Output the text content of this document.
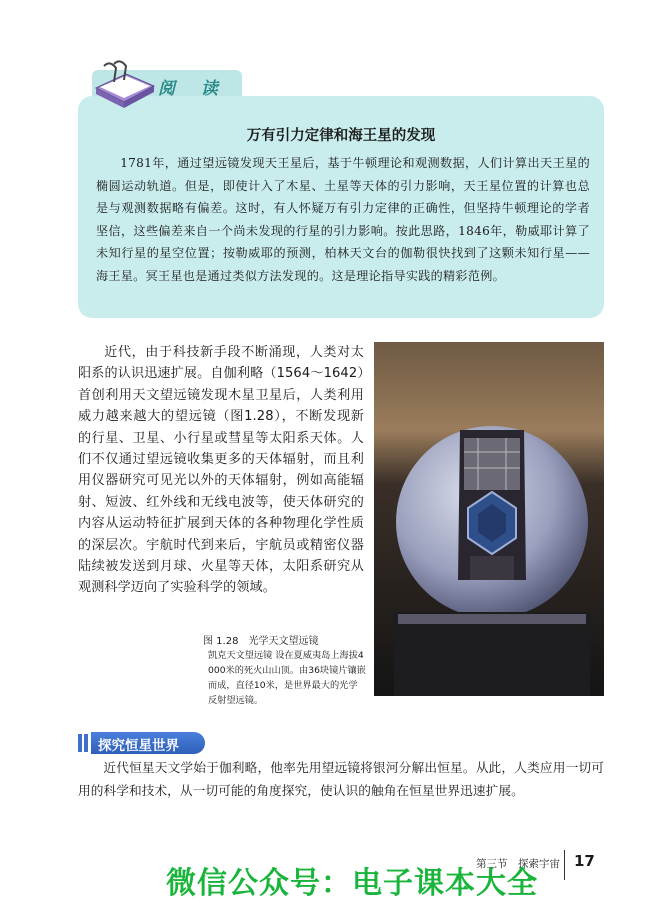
阅 读
万有引力定律和海王星的发现
1781年，通过望远镜发现天王星后，基于牛顿理论和观测数据，人们计算出天王星的椭圆运动轨道。但是，即使计入了木星、土星等天体的引力影响，天王星位置的计算也总是与观测数据略有偏差。这时，有人怀疑万有引力定律的正确性，但坚持牛顿理论的学者坚信，这些偏差来自一个尚未发现的行星的引力影响。按此思路，1846年，勒威耶计算了未知行星的星空位置；按勒威耶的预测，柏林天文台的伽勒很快找到了这颗未知行星——海王星。冥王星也是通过类似方法发现的。这是理论指导实践的精彩范例。
近代，由于科技新手段不断涌现，人类对太阳系的认识迅速扩展。自伽利略（1564～1642）首创利用天文望远镜发现木星卫星后，人类利用威力越来越大的望远镜（图1.28），不断发现新的行星、卫星、小行星或彗星等太阳系天体。人们不仅通过望远镜收集更多的天体辐射，而且利用仪器研究可见光以外的天体辐射，例如高能辐射、短波、红外线和无线电波等，使天体研究的内容从运动特征扩展到天体的各种物理化学性质的深层次。宇航时代到来后，宇航员或精密仪器陆续被发送到月球、火星等天体，太阳系研究从观测科学迈向了实验科学的领域。
图 1.28　光学天文望远镜
凯克天文望远镜 设在夏威夷岛上海拔4 000米的死火山山顶。由36块镜片镶嵌而成，直径10米，是世界最大的光学反射望远镜。
探究恒星世界
近代恒星天文学始于伽利略，他率先用望远镜将银河分解出恒星。从此，人类应用一切可用的科学和技术，从一切可能的角度探究，使认识的触角在恒星世界迅速扩展。
第三节　探索宇宙 17
微信公众号：电子课本大全
